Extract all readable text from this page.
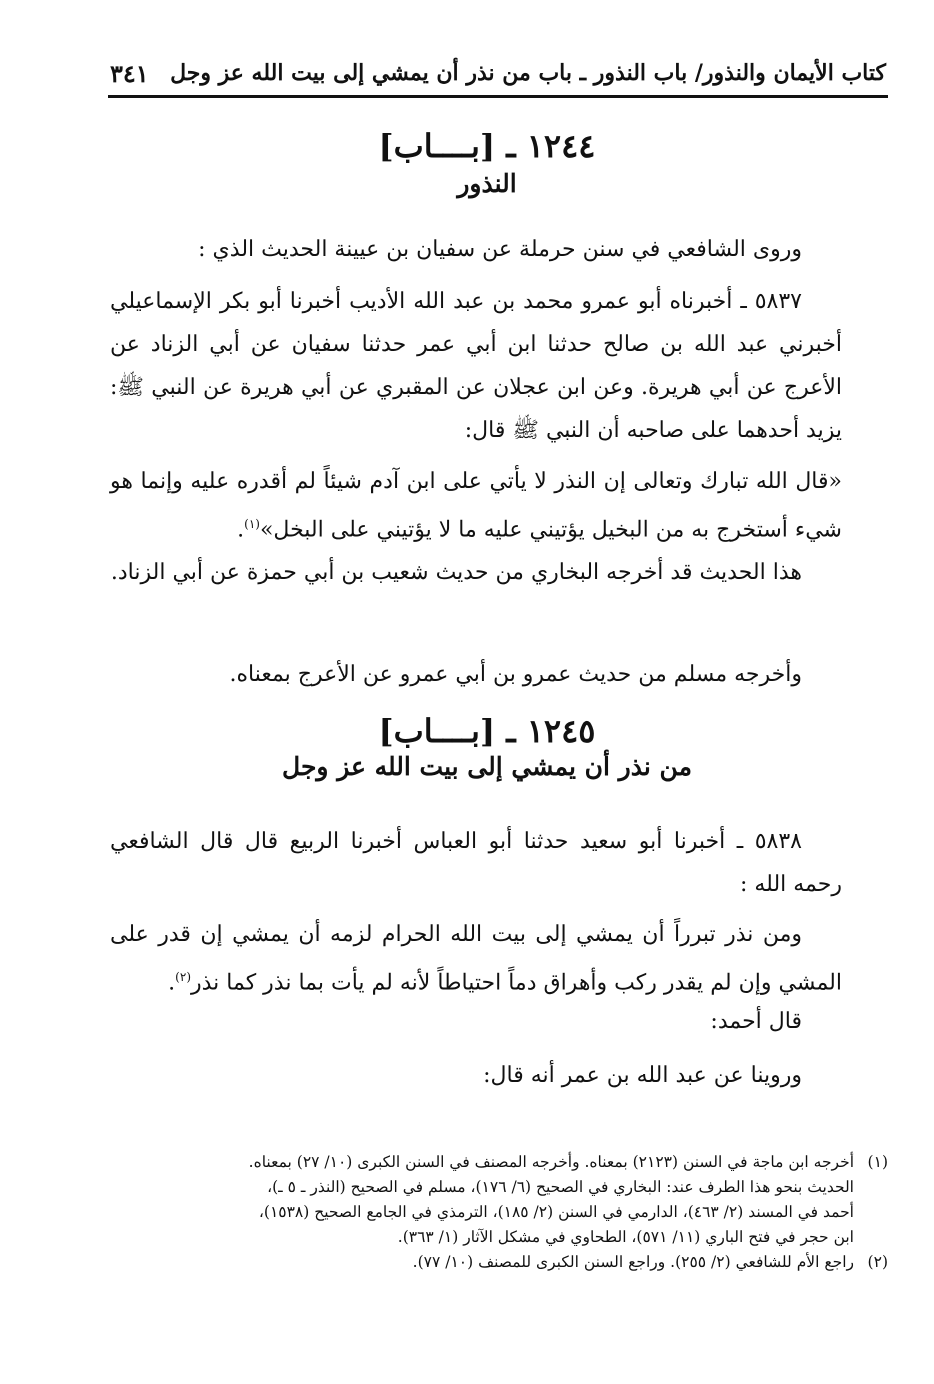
كتاب الأيمان والنذور/ باب النذور ـ باب من نذر أن يمشي إلى بيت الله عز وجل
٣٤١
١٢٤٤ ـ [بــــاب]
النذور
وروى الشافعي في سنن حرملة عن سفيان بن عيينة الحديث الذي :
٥٨٣٧ ـ أخبرناه أبو عمرو محمد بن عبد الله الأديب أخبرنا أبو بكر الإسماعيلي أخبرني عبد الله بن صالح حدثنا ابن أبي عمر حدثنا سفيان عن أبي الزناد عن الأعرج عن أبي هريرة. وعن ابن عجلان عن المقبري عن أبي هريرة عن النبي ﷺ: يزيد أحدهما على صاحبه أن النبي ﷺ قال:
«قال الله تبارك وتعالى إن النذر لا يأتي على ابن آدم شيئاً لم أقدره عليه وإنما هو شيء أستخرج به من البخيل يؤتيني عليه ما لا يؤتيني على البخل»$^{(١)}$.
هذا الحديث قد أخرجه البخاري من حديث شعيب بن أبي حمزة عن أبي الزناد.
وأخرجه مسلم من حديث عمرو بن أبي عمرو عن الأعرج بمعناه.
١٢٤٥ ـ [بــــاب]
من نذر أن يمشي إلى بيت الله عز وجل
٥٨٣٨ ـ أخبرنا أبو سعيد حدثنا أبو العباس أخبرنا الربيع قال قال الشافعي رحمه الله :
ومن نذر تبرراً أن يمشي إلى بيت الله الحرام لزمه أن يمشي إن قدر على المشي وإن لم يقدر ركب وأهراق دماً احتياطاً لأنه لم يأت بما نذر كما نذر$^{(٢)}$.
قال أحمد:
وروينا عن عبد الله بن عمر أنه قال:
(١)
أخرجه ابن ماجة في السنن (٢١٢٣) بمعناه. وأخرجه المصنف في السنن الكبرى (١٠/ ٢٧) بمعناه.
الحديث بنحو هذا الطرف عند: البخاري في الصحيح (٦/ ١٧٦)، مسلم في الصحيح (النذر ـ ٥ ـ)،
أحمد في المسند (٢/ ٤٦٣)، الدارمي في السنن (٢/ ١٨٥)، الترمذي في الجامع الصحيح (١٥٣٨)،
ابن حجر في فتح الباري (١١/ ٥٧١)، الطحاوي في مشكل الآثار (١/ ٣٦٣).
(٢)
راجع الأم للشافعي (٢/ ٢٥٥). وراجع السنن الكبرى للمصنف (١٠/ ٧٧).
